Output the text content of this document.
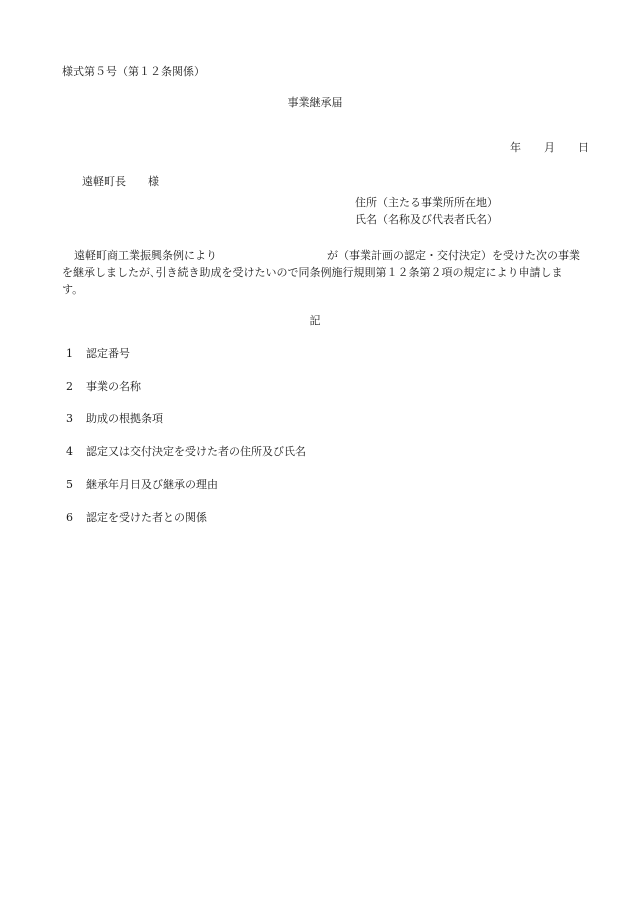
様式第５号（第１２条関係）
事業継承届

年 月 日

遠軽町長 様

住所（主たる事業所所在地）
氏名（名称及び代表者氏名）
遠軽町商工業振興条例により	が（事業計画の認定・交付決定）を受けた次の事業を継承しましたが､引き続き助成を受けたいので同条例施行規則第１２条第２項の規定により申請します。
記
1 認定番号
2 事業の名称
3 助成の根拠条項
4 認定又は交付決定を受けた者の住所及び氏名
5 継承年月日及び継承の理由
6 認定を受けた者との関係
